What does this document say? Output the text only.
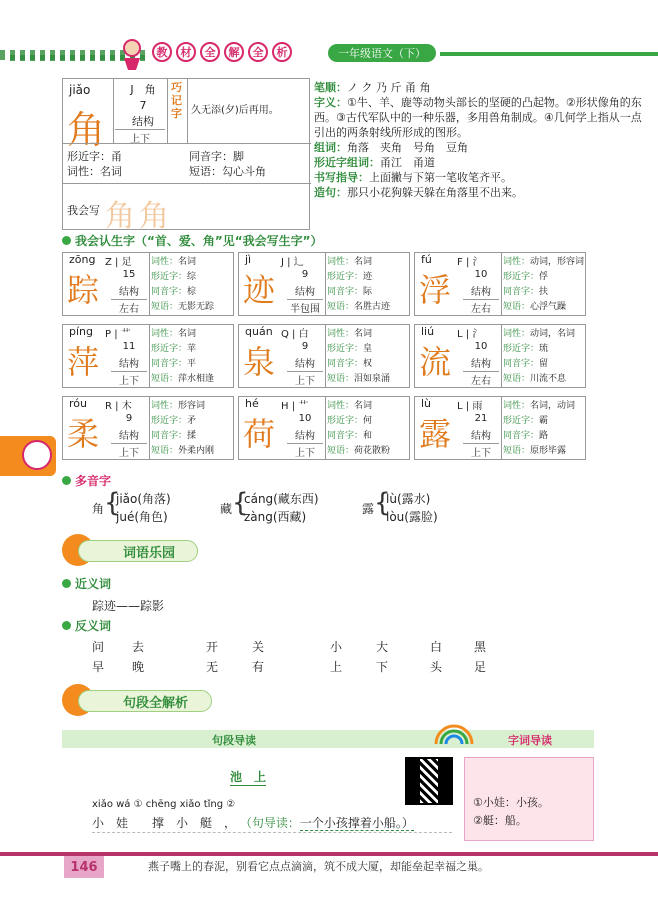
教	材	全	解	全	析	一年级语文（下）
jiǎo
角
J　 角
7
结构
上下
巧记字 久无添(夕)后再用。
形近字：甬	同音字：脚
词性：名词	短语：勾心斗角
我会写 角角

笔顺：ノ ク 乃 斤 甬 角

字义：①牛、羊、鹿等动物头部长的坚硬的凸起物。②形状像角的东西。③古代军队中的一种乐器，多用兽角制成。④几何学上指从一点引出的两条射线所形成的图形。

组词：角落　夹角　号角　豆角

形近字组词：甬江　甬道

书写指导：上面撇与下第一笔收笔齐平。

造句：那只小花狗躲天躲在角落里不出来。

我会认生字（“首、爱、角”见“我会写生字”）
zōng Z | 足
踪	15
结构
左右
词性：名词
形近字：综
同音字：棕
短语：无影无踪
jì	J | 辶
迹	9
结构
半包围
词性：名词
形近字：迹
同音字：际
短语：名胜古迹
fú	F | 氵
浮	10
结构
左右
词性：动词，形容词
形近字：俘
同音字：扶
短语：心浮气躁
píng P | 艹
萍	11
结构
上下
词性：名词
形近字：苹
同音字：平
短语：萍水相逢
quán Q | 白
泉	9
结构
上下
词性：名词
形近字：皇
同音字：权
短语：泪如泉涌
liú L | 氵
流	10
结构
左右
词性：动词，名词
形近字：琉
同音字：留
短语：川流不息
róu R | 木
柔	9
结构
上下
词性：形容词
形近字：矛
同音字：揉
短语：外柔内刚
hé H | 艹
荷	10
结构
上下
词性：名词
形近字：何
同音字：和
短语：荷花散粉
lù	L | 雨
露	21
结构
上下
词性：名词，动词
形近字：霸
同音字：路
短语：原形毕露
多音字
角 {
jiǎo(角落)
jué(角色)
藏 {
cáng(藏东西)
zàng(西藏)
露 {
lù(露水)
lòu(露脸)
词语乐园
近义词
踪迹——踪影
反义词
问 去	开	关	小	大	白	黑
早 晚	无	有	上	下	头	足
句段全解析
句段导读	字词导读
池　上
xiǎo wá ① chēng xiǎo tǐng ②
小　娃　　撑　小　艇　， （句导读：一个小孩撑着小船。）
①小娃：小孩。
②艇：船。
146	燕子嘴上的春泥，别看它点点滴滴，筑不成大厦，却能垒起幸福之巢。
